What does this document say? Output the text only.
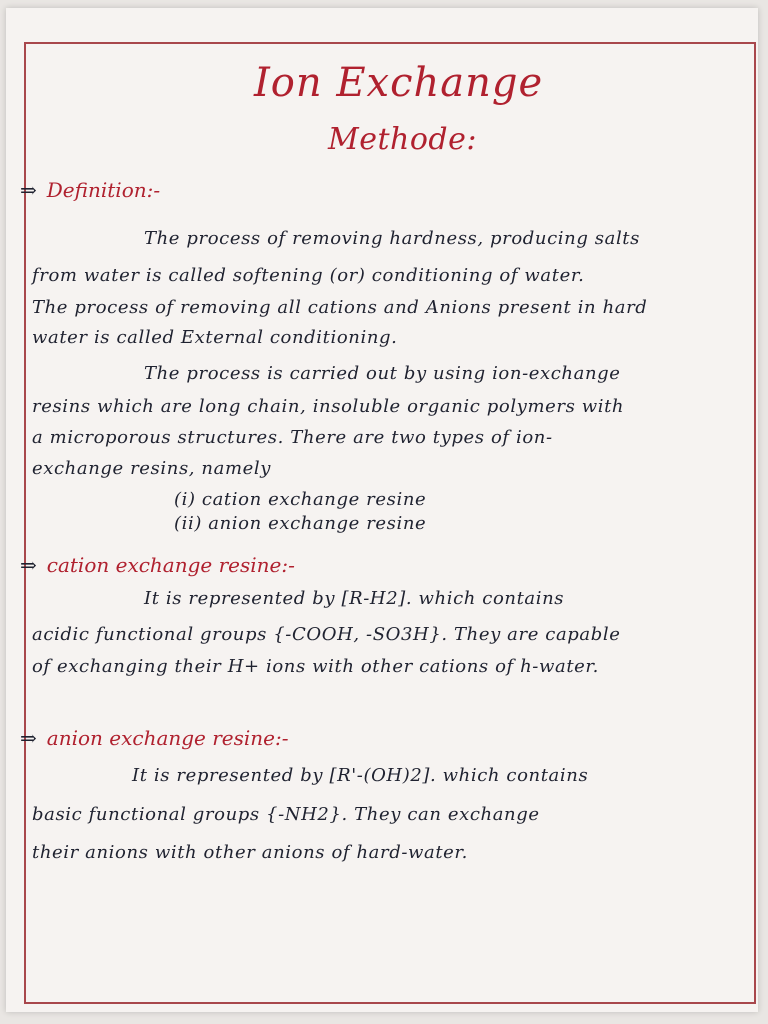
Ion Exchange
Methode:
⇒ Definition:-
The process of removing hardness, producing salts
from water is called softening (or) conditioning of water.
The process of removing all cations and Anions present in hard
water is called External conditioning.
The process is carried out by using ion-exchange
resins which are long chain, insoluble organic polymers with
a microporous structures. There are two types of ion-
exchange resins, namely
(i) cation exchange resine
(ii) anion exchange resine
⇒ cation exchange resine:-
It is represented by [R-H2]. which contains
acidic functional groups {-COOH, -SO3H}. They are capable
of exchanging their H+ ions with other cations of h-water.
⇒ anion exchange resine:-
It is represented by [R'-(OH)2]. which contains
basic functional groups {-NH2}. They can exchange
their anions with other anions of hard-water.
